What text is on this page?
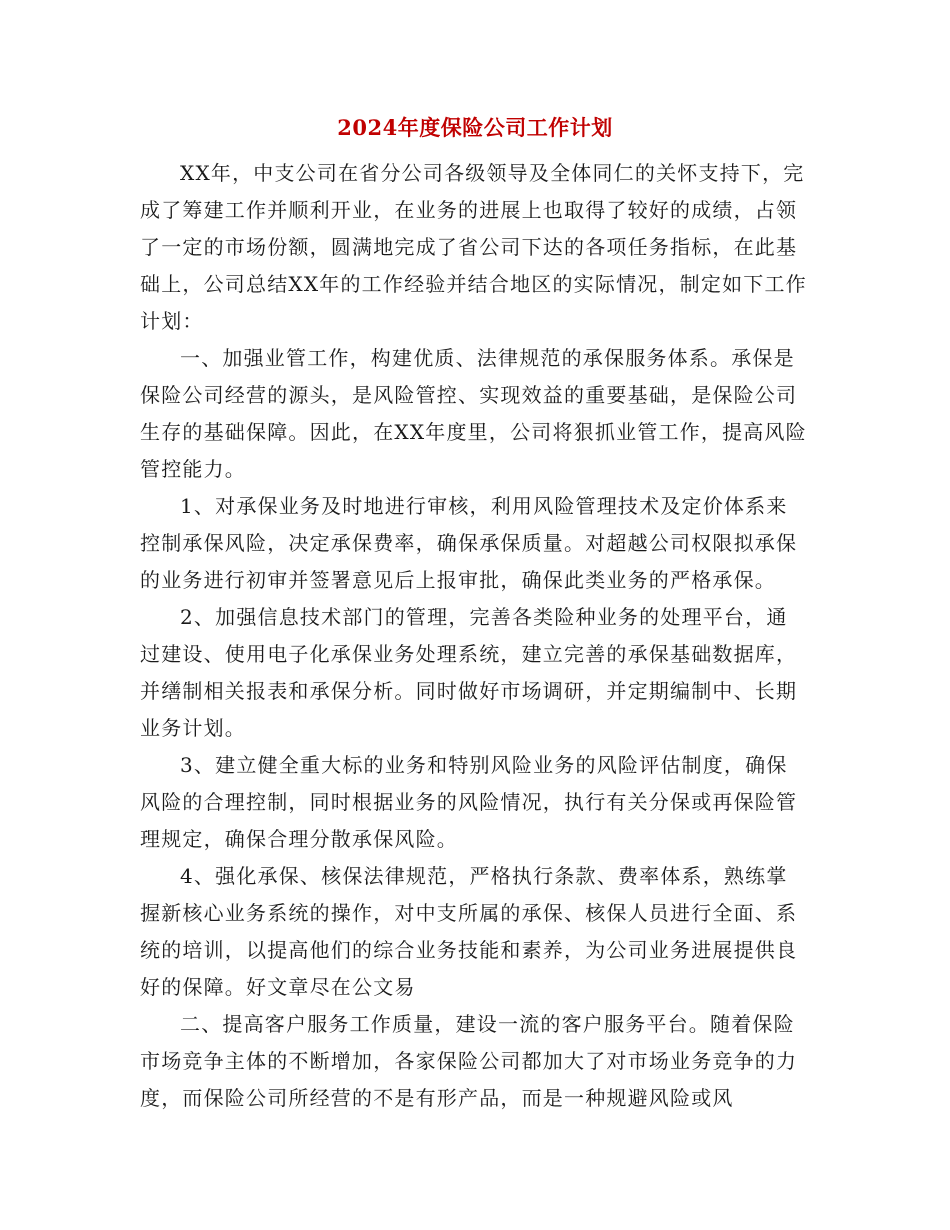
2024年度保险公司工作计划

XX年，中支公司在省分公司各级领导及全体同仁的关怀支持下，完成了筹建工作并顺利开业，在业务的进展上也取得了较好的成绩，占领了一定的市场份额，圆满地完成了省公司下达的各项任务指标，在此基础上，公司总结XX年的工作经验并结合地区的实际情况，制定如下工作计划：

一、加强业管工作，构建优质、法律规范的承保服务体系。承保是保险公司经营的源头，是风险管控、实现效益的重要基础，是保险公司生存的基础保障。因此，在XX年度里，公司将狠抓业管工作，提高风险管控能力。

1、对承保业务及时地进行审核，利用风险管理技术及定价体系来控制承保风险，决定承保费率，确保承保质量。对超越公司权限拟承保的业务进行初审并签署意见后上报审批，确保此类业务的严格承保。

2、加强信息技术部门的管理，完善各类险种业务的处理平台，通过建设、使用电子化承保业务处理系统，建立完善的承保基础数据库，并缮制相关报表和承保分析。同时做好市场调研，并定期编制中、长期业务计划。

3、建立健全重大标的业务和特别风险业务的风险评估制度，确保风险的合理控制，同时根据业务的风险情况，执行有关分保或再保险管理规定，确保合理分散承保风险。

4、强化承保、核保法律规范，严格执行条款、费率体系，熟练掌握新核心业务系统的操作，对中支所属的承保、核保人员进行全面、系统的培训，以提高他们的综合业务技能和素养，为公司业务进展提供良好的保障。好文章尽在公文易

二、提高客户服务工作质量，建设一流的客户服务平台。随着保险市场竞争主体的不断增加，各家保险公司都加大了对市场业务竞争的力度，而保险公司所经营的不是有形产品，而是一种规避风险或风
